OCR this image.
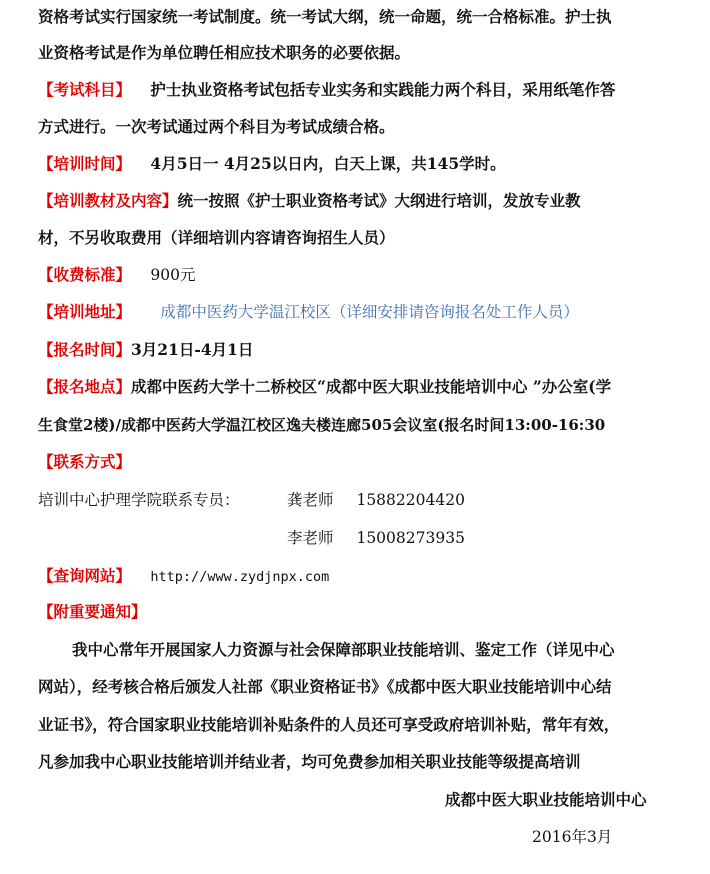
资格考试实行国家统一考试制度。统一考试大纲，统一命题，统一合格标准。护士执
业资格考试是作为单位聘任相应技术职务的必要依据。
【考试科目】 护士执业资格考试包括专业实务和实践能力两个科目，采用纸笔作答
方式进行。一次考试通过两个科目为考试成绩合格。
【培训时间】 4月5日一 4月25以日内，白天上课，共145学时。
【培训教材及内容】统一按照《护士职业资格考试》大纲进行培训，发放专业教
材，不另收取费用（详细培训内容请咨询招生人员）
【收费标准】 900元
【培训地址】 成都中医药大学温江校区（详细安排请咨询报名处工作人员）
【报名时间】3月21日-4月1日
【报名地点】成都中医药大学十二桥校区“成都中医大职业技能培训中心 ”办公室(学
生食堂2楼)/成都中医药大学温江校区逸夫楼连廊505会议室(报名时间13:00-16:30
【联系方式】
培训中心护理学院联系专员：	龚老师 15882204420
李老师 15008273935
【查询网站】 http://www.zydjnpx.com
【附重要通知】
我中心常年开展国家人力资源与社会保障部职业技能培训、鉴定工作（详见中心
网站），经考核合格后颁发人社部《职业资格证书》《成都中医大职业技能培训中心结
业证书》，符合国家职业技能培训补贴条件的人员还可享受政府培训补贴，常年有效，
凡参加我中心职业技能培训并结业者，均可免费参加相关职业技能等级提高培训
成都中医大职业技能培训中心
2016年3月
